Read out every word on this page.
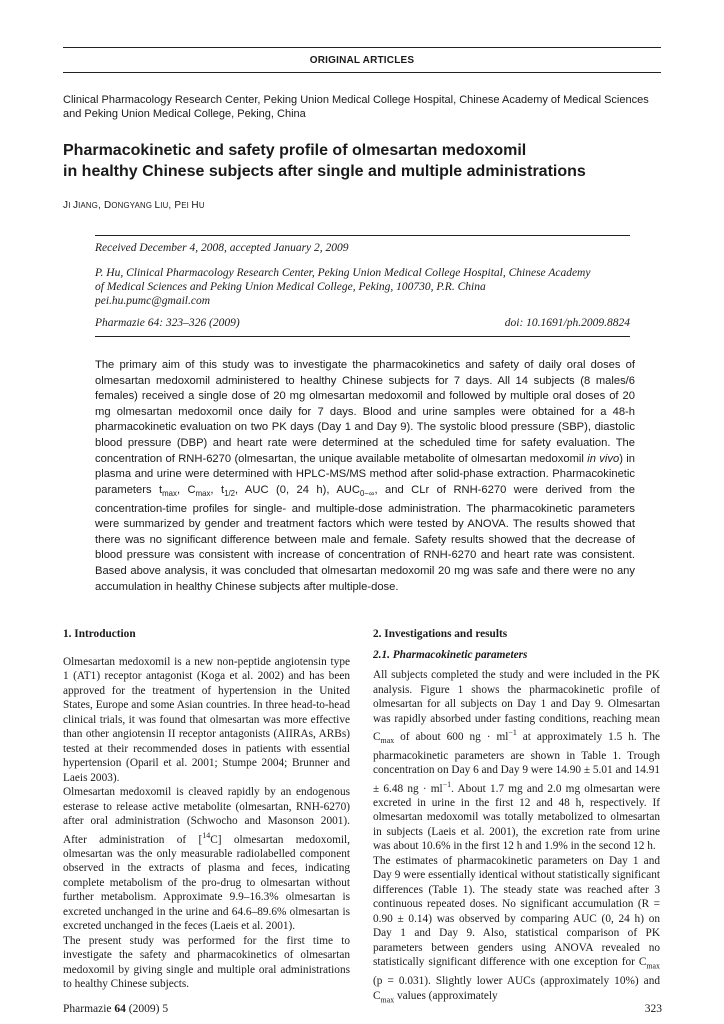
ORIGINAL ARTICLES
Clinical Pharmacology Research Center, Peking Union Medical College Hospital, Chinese Academy of Medical Sciences and Peking Union Medical College, Peking, China
Pharmacokinetic and safety profile of olmesartan medoxomil
in healthy Chinese subjects after single and multiple administrations
JI JIANG, DONGYANG LIU, PEI HU
Received December 4, 2008, accepted January 2, 2009
P. Hu, Clinical Pharmacology Research Center, Peking Union Medical College Hospital, Chinese Academy
of Medical Sciences and Peking Union Medical College, Peking, 100730, P.R. China
pei.hu.pumc@gmail.com
Pharmazie 64: 323–326 (2009)	doi: 10.1691/ph.2009.8824
The primary aim of this study was to investigate the pharmacokinetics and safety of daily oral doses of olmesartan medoxomil administered to healthy Chinese subjects for 7 days. All 14 subjects (8 males/6 females) received a single dose of 20 mg olmesartan medoxomil and followed by multiple oral doses of 20 mg olmesartan medoxomil once daily for 7 days. Blood and urine samples were obtained for a 48-h pharmacokinetic evaluation on two PK days (Day 1 and Day 9). The systolic blood pressure (SBP), diastolic blood pressure (DBP) and heart rate were determined at the scheduled time for safety evaluation. The concentration of RNH-6270 (olmesartan, the unique available metabolite of olmesartan medoxomil in vivo) in plasma and urine were determined with HPLC-MS/MS method after solid-phase extraction. Pharmacokinetic parameters $t_{max}$, $C_{max}$, $t_{1/2}$, AUC (0, 24 h), $AUC_{0-\infty}$, and CLr of RNH-6270 were derived from the concentration-time profiles for single- and multiple-dose administration. The pharmacokinetic parameters were summarized by gender and treatment factors which were tested by ANOVA. The results showed that there was no significant difference between male and female. Safety results showed that the decrease of blood pressure was consistent with increase of concentration of RNH-6270 and heart rate was consistent. Based above analysis, it was concluded that olmesartan medoxomil 20 mg was safe and there were no any accumulation in healthy Chinese subjects after multiple-dose.

1. Introduction

Olmesartan medoxomil is a new non-peptide angiotensin type 1 (AT1) receptor antagonist (Koga et al. 2002) and has been approved for the treatment of hypertension in the United States, Europe and some Asian countries. In three head-to-head clinical trials, it was found that olmesartan was more effective than other angiotensin II receptor antagonists (AIIRAs, ARBs) tested at their recommended doses in patients with essential hypertension (Oparil et al. 2001; Stumpe 2004; Brunner and Laeis 2003).

Olmesartan medoxomil is cleaved rapidly by an endogenous esterase to release active metabolite (olmesartan, RNH-6270) after oral administration (Schwocho and Masonson 2001). After administration of [$^{14}$C] olmesartan medoxomil, olmesartan was the only measurable radiolabelled component observed in the extracts of plasma and feces, indicating complete metabolism of the pro-drug to olmesartan without further metabolism. Approximate 9.9–16.3% olmesartan is excreted unchanged in the urine and 64.6–89.6% olmesartan is excreted unchanged in the feces (Laeis et al. 2001).

The present study was performed for the first time to investigate the safety and pharmacokinetics of olmesartan medoxomil by giving single and multiple oral administrations to healthy Chinese subjects.

2. Investigations and results

2.1. Pharmacokinetic parameters

All subjects completed the study and were included in the PK analysis. Figure 1 shows the pharmacokinetic profile of olmesartan for all subjects on Day 1 and Day 9. Olmesartan was rapidly absorbed under fasting conditions, reaching mean $C_{max}$ of about 600 ng · $ml^{-1}$ at approximately 1.5 h. The pharmacokinetic parameters are shown in Table 1. Trough concentration on Day 6 and Day 9 were 14.90 ± 5.01 and 14.91 ± 6.48 ng · $ml^{-1}$. About 1.7 mg and 2.0 mg olmesartan were excreted in urine in the first 12 and 48 h, respectively. If olmesartan medoxomil was totally metabolized to olmesartan in subjects (Laeis et al. 2001), the excretion rate from urine was about 10.6% in the first 12 h and 1.9% in the second 12 h.

The estimates of pharmacokinetic parameters on Day 1 and Day 9 were essentially identical without statistically significant differences (Table 1). The steady state was reached after 3 continuous repeated doses. No significant accumulation (R = 0.90 ± 0.14) was observed by comparing AUC (0, 24 h) on Day 1 and Day 9. Also, statistical comparison of PK parameters between genders using ANOVA revealed no statistically significant difference with one exception for $C_{max}$ (p = 0.031). Slightly lower AUCs (approximately 10%) and $C_{max}$ values (approximately

Pharmazie 64 (2009) 5	323
